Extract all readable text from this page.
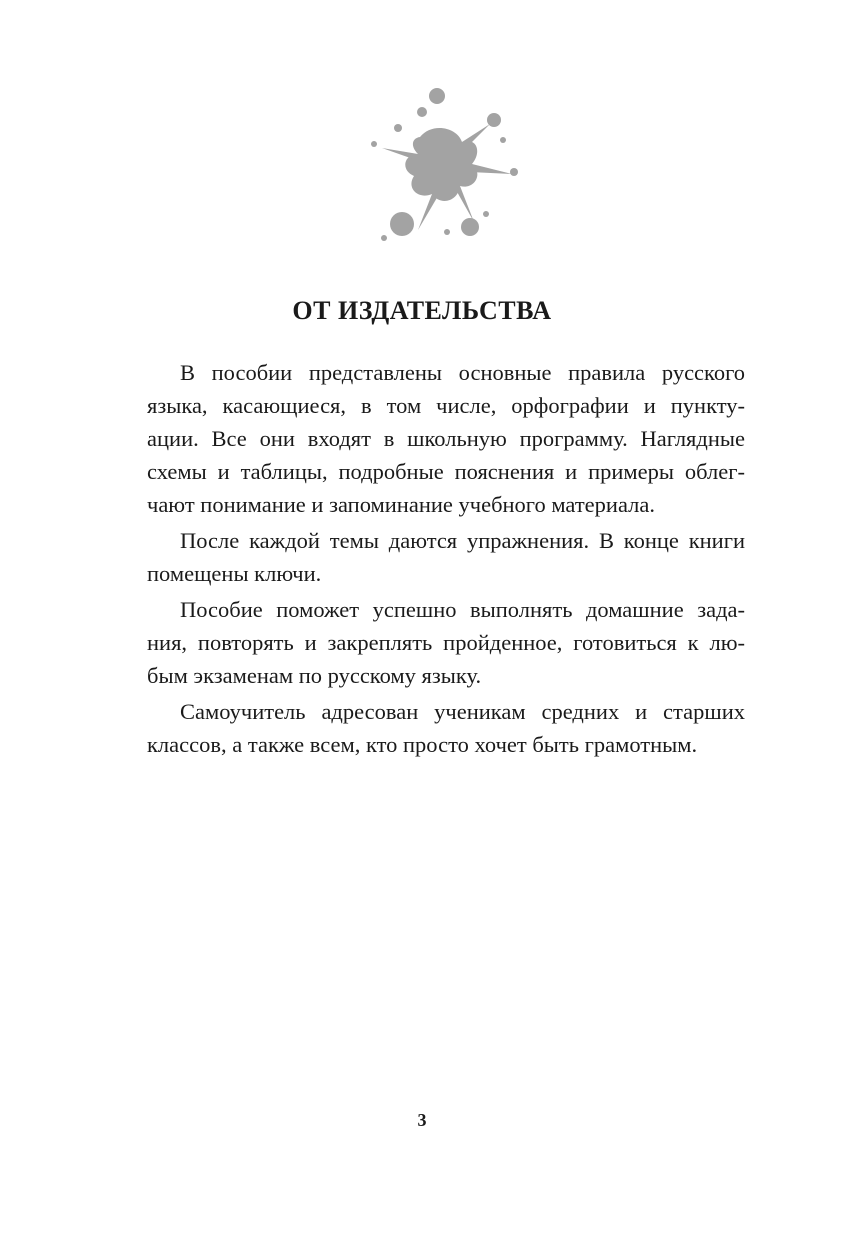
ОТ ИЗДАТЕЛЬСТВА

В пособии представлены основные правила русского
языка, касающиеся, в том числе, орфографии и пункту-
ации. Все они входят в школьную программу. Наглядные
схемы и таблицы, подробные пояснения и примеры облег-
чают понимание и запоминание учебного материала.

После каждой темы даются упражнения. В конце книги
помещены ключи.

Пособие поможет успешно выполнять домашние зада-
ния, повторять и закреплять пройденное, готовиться к лю-
бым экзаменам по русскому языку.

Самоучитель адресован ученикам средних и старших
классов, а также всем, кто просто хочет быть грамотным.

3
